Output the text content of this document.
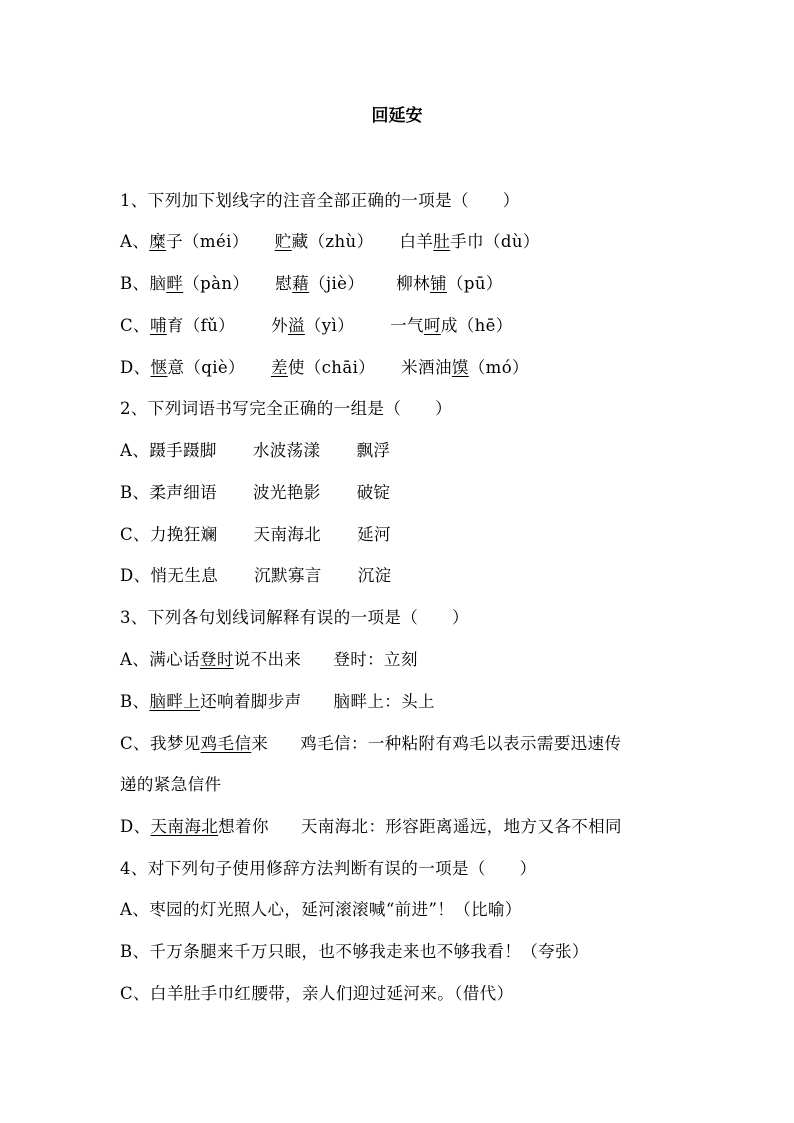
回延安
1、下列加下划线字的注音全部正确的一项是（　　）
A、糜子（méi） 贮藏（zhù） 白羊肚手巾（dù）
B、脑畔（pàn） 慰藉（jiè） 柳林铺（pū）
C、哺育（fǔ） 外溢（yì） 一气呵成（hē）
D、惬意（qiè） 差使（chāi） 米酒油馍（mó）
2、下列词语书写完全正确的一组是（　　）
A、蹑手蹑脚 水波荡漾 飘浮
B、柔声细语 波光艳影 破锭
C、力挽狂斓 天南海北 延河
D、悄无生息 沉默寡言 沉淀
3、下列各句划线词解释有误的一项是（　　）
A、满心话登时说不出来 登时：立刻
B、脑畔上还响着脚步声 脑畔上：头上
C、我梦见鸡毛信来 鸡毛信：一种粘附有鸡毛以表示需要迅速传
递的紧急信件
D、天南海北想着你 天南海北：形容距离遥远，地方又各不相同
4、对下列句子使用修辞方法判断有误的一项是（　　）
A、枣园的灯光照人心，延河滚滚喊“前进”！（比喻）
B、千万条腿来千万只眼，也不够我走来也不够我看！（夸张）
C、白羊肚手巾红腰带，亲人们迎过延河来。（借代）
